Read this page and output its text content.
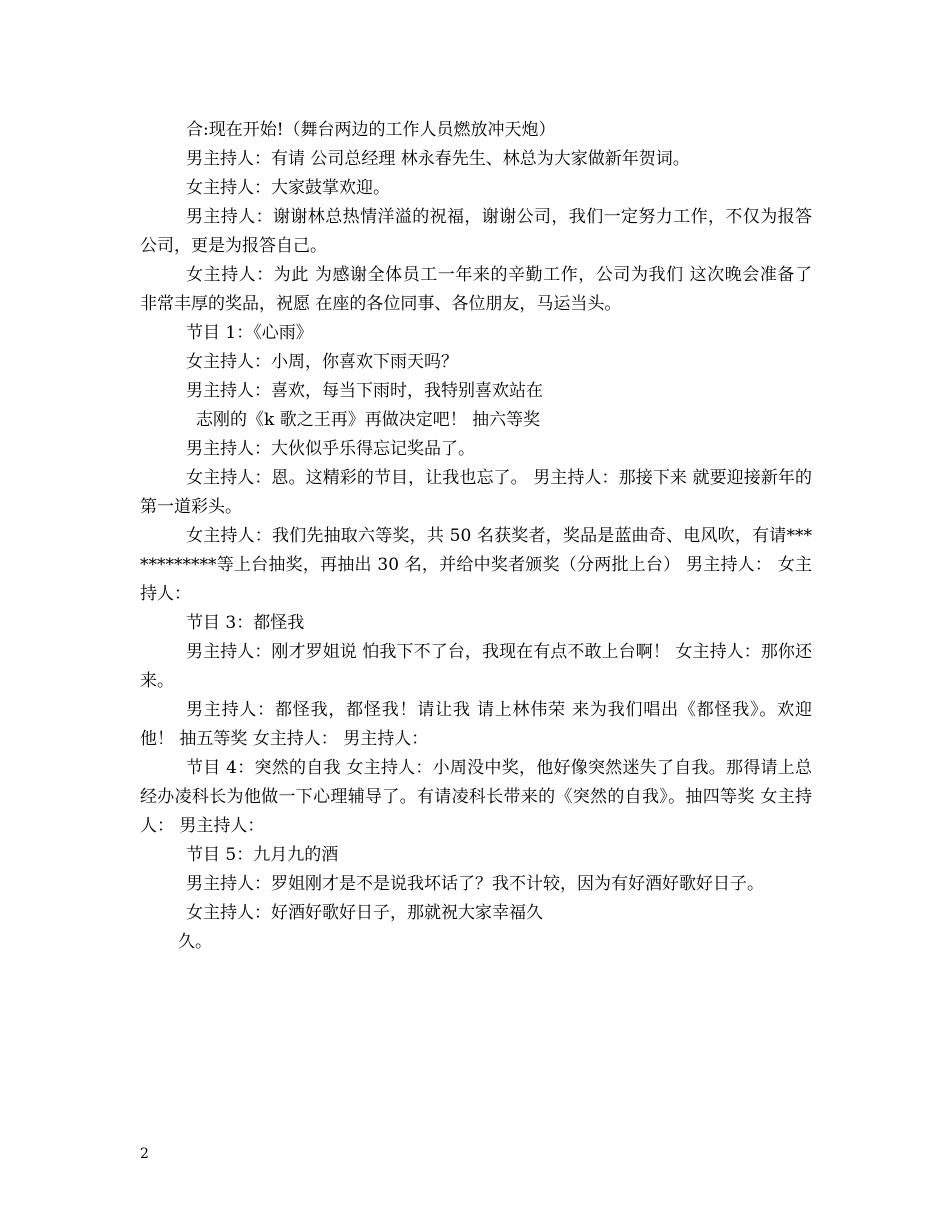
合:现在开始!（舞台两边的工作人员燃放冲天炮）

男主持人：有请 公司总经理 林永春先生、林总为大家做新年贺词。

女主持人：大家鼓掌欢迎。

男主持人：谢谢林总热情洋溢的祝福，谢谢公司，我们一定努力工作，不仅为报答公司，更是为报答自己。

女主持人：为此 为感谢全体员工一年来的辛勤工作，公司为我们 这次晚会准备了 非常丰厚的奖品，祝愿 在座的各位同事、各位朋友，马运当头。

节目 1：《心雨》

女主持人：小周，你喜欢下雨天吗？

男主持人：喜欢，每当下雨时，我特别喜欢站在

志刚的《k 歌之王再》再做决定吧！ 抽六等奖

男主持人：大伙似乎乐得忘记奖品了。

女主持人：恩。这精彩的节目，让我也忘了。 男主持人：那接下来 就要迎接新年的第一道彩头。

女主持人：我们先抽取六等奖，共 50 名获奖者，奖品是蓝曲奇、电风吹，有请************等上台抽奖，再抽出 30 名，并给中奖者颁奖（分两批上台） 男主持人： 女主持人：

节目 3：都怪我

男主持人：刚才罗姐说 怕我下不了台，我现在有点不敢上台啊！ 女主持人：那你还来。

男主持人：都怪我，都怪我！请让我 请上林伟荣 来为我们唱出《都怪我》。欢迎他！ 抽五等奖 女主持人： 男主持人：

节目 4：突然的自我 女主持人：小周没中奖，他好像突然迷失了自我。那得请上总经办凌科长为他做一下心理辅导了。有请凌科长带来的《突然的自我》。抽四等奖 女主持人： 男主持人：

节目 5：九月九的酒

男主持人：罗姐刚才是不是说我坏话了？我不计较，因为有好酒好歌好日子。

女主持人：好酒好歌好日子，那就祝大家幸福久

久。

2
